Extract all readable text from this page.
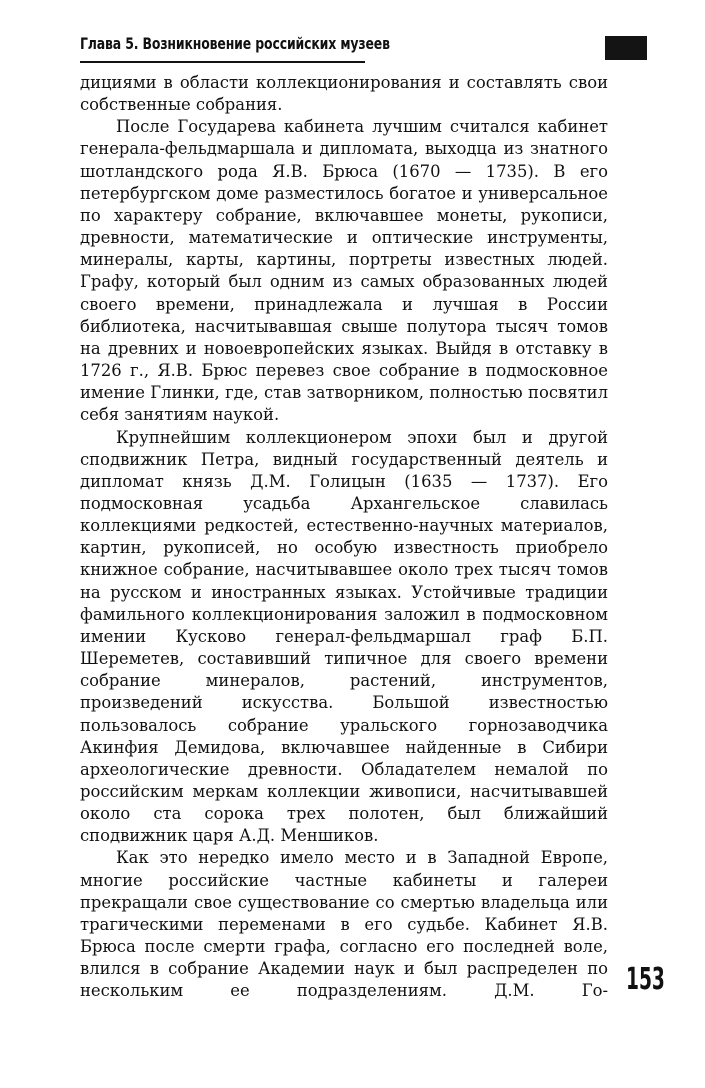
Глава 5. Возникновение российских музеев

дициями в области коллекционирования и составлять свои собственные собрания.

После Государева кабинета лучшим считался кабинет генерала-фельдмаршала и дипломата, выходца из знатного шотландского рода Я.В. Брюса (1670 — 1735). В его петербургском доме разместилось богатое и универсальное по характеру собрание, включавшее монеты, рукописи, древности, математические и оптические инструменты, минералы, карты, картины, портреты известных людей. Графу, который был одним из самых образованных людей своего времени, принадлежала и лучшая в России библиотека, насчитывавшая свыше полутора тысяч томов на древних и новоевропейских языках. Выйдя в отставку в 1726 г., Я.В. Брюс перевез свое собрание в подмосковное имение Глинки, где, став затворником, полностью посвятил себя занятиям наукой.

Крупнейшим коллекционером эпохи был и другой сподвижник Петра, видный государственный деятель и дипломат князь Д.М. Голицын (1635 — 1737). Его подмосковная усадьба Архангельское славилась коллекциями редкостей, естественно-научных материалов, картин, рукописей, но особую известность приобрело книжное собрание, насчитывавшее около трех тысяч томов на русском и иностранных языках. Устойчивые традиции фамильного коллекционирования заложил в подмосковном имении Кусково генерал-фельдмаршал граф Б.П. Шереметев, составивший типичное для своего времени собрание минералов, растений, инструментов, произведений искусства. Большой известностью пользовалось собрание уральского горнозаводчика Акинфия Демидова, включавшее найденные в Сибири археологические древности. Обладателем немалой по российским меркам коллекции живописи, насчитывавшей около ста сорока трех полотен, был ближайший сподвижник царя А.Д. Меншиков.

Как это нередко имело место и в Западной Европе, многие российские частные кабинеты и галереи прекращали свое существование со смертью владельца или трагическими переменами в его судьбе. Кабинет Я.В. Брюса после смерти графа, согласно его последней воле, влился в собрание Академии наук и был распределен по нескольким ее подразделениям. Д.М. Го- 153
